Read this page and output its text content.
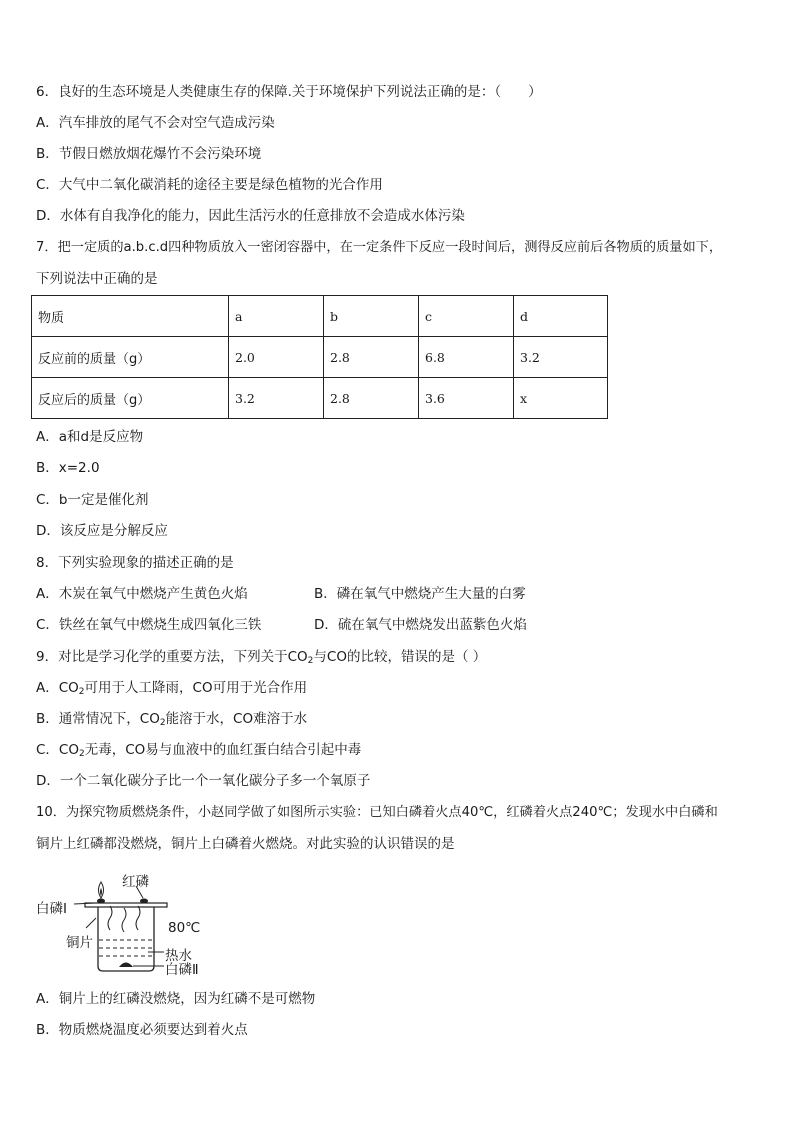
6．良好的生态环境是人类健康生存的保障.关于环境保护下列说法正确的是：（　　）
A．汽车排放的尾气不会对空气造成污染
B．节假日燃放烟花爆竹不会污染环境
C．大气中二氧化碳消耗的途径主要是绿色植物的光合作用
D．水体有自我净化的能力，因此生活污水的任意排放不会造成水体污染
7．把一定质的a.b.c.d四种物质放入一密闭容器中，在一定条件下反应一段时间后，测得反应前后各物质的质量如下，
下列说法中正确的是
物质	a	b	c	d
反应前的质量（g）	2.0	2.8	6.8	3.2
反应后的质量（g）	3.2	2.8	3.6	x
A．a和d是反应物
B．x=2.0
C．b一定是催化剂
D．该反应是分解反应
8．下列实验现象的描述正确的是
A．木炭在氧气中燃烧产生黄色火焰	B．磷在氧气中燃烧产生大量的白雾
C．铁丝在氧气中燃烧生成四氧化三铁	D．硫在氧气中燃烧发出蓝紫色火焰
9．对比是学习化学的重要方法，下列关于$CO_2$与CO的比较，错误的是（ ）
A．$CO_2$可用于人工降雨，CO可用于光合作用
B．通常情况下，$CO_2$能溶于水，CO难溶于水
C．$CO_2$无毒，CO易与血液中的血红蛋白结合引起中毒
D．一个二氧化碳分子比一个一氧化碳分子多一个氧原子
10．为探究物质燃烧条件，小赵同学做了如图所示实验：已知白磷着火点40℃，红磷着火点240℃；发现水中白磷和
铜片上红磷都没燃烧，铜片上白磷着火燃烧。对此实验的认识错误的是
红磷
白磷Ⅰ
铜片
80℃
热水
白磷Ⅱ
A．铜片上的红磷没燃烧，因为红磷不是可燃物
B．物质燃烧温度必须要达到着火点
